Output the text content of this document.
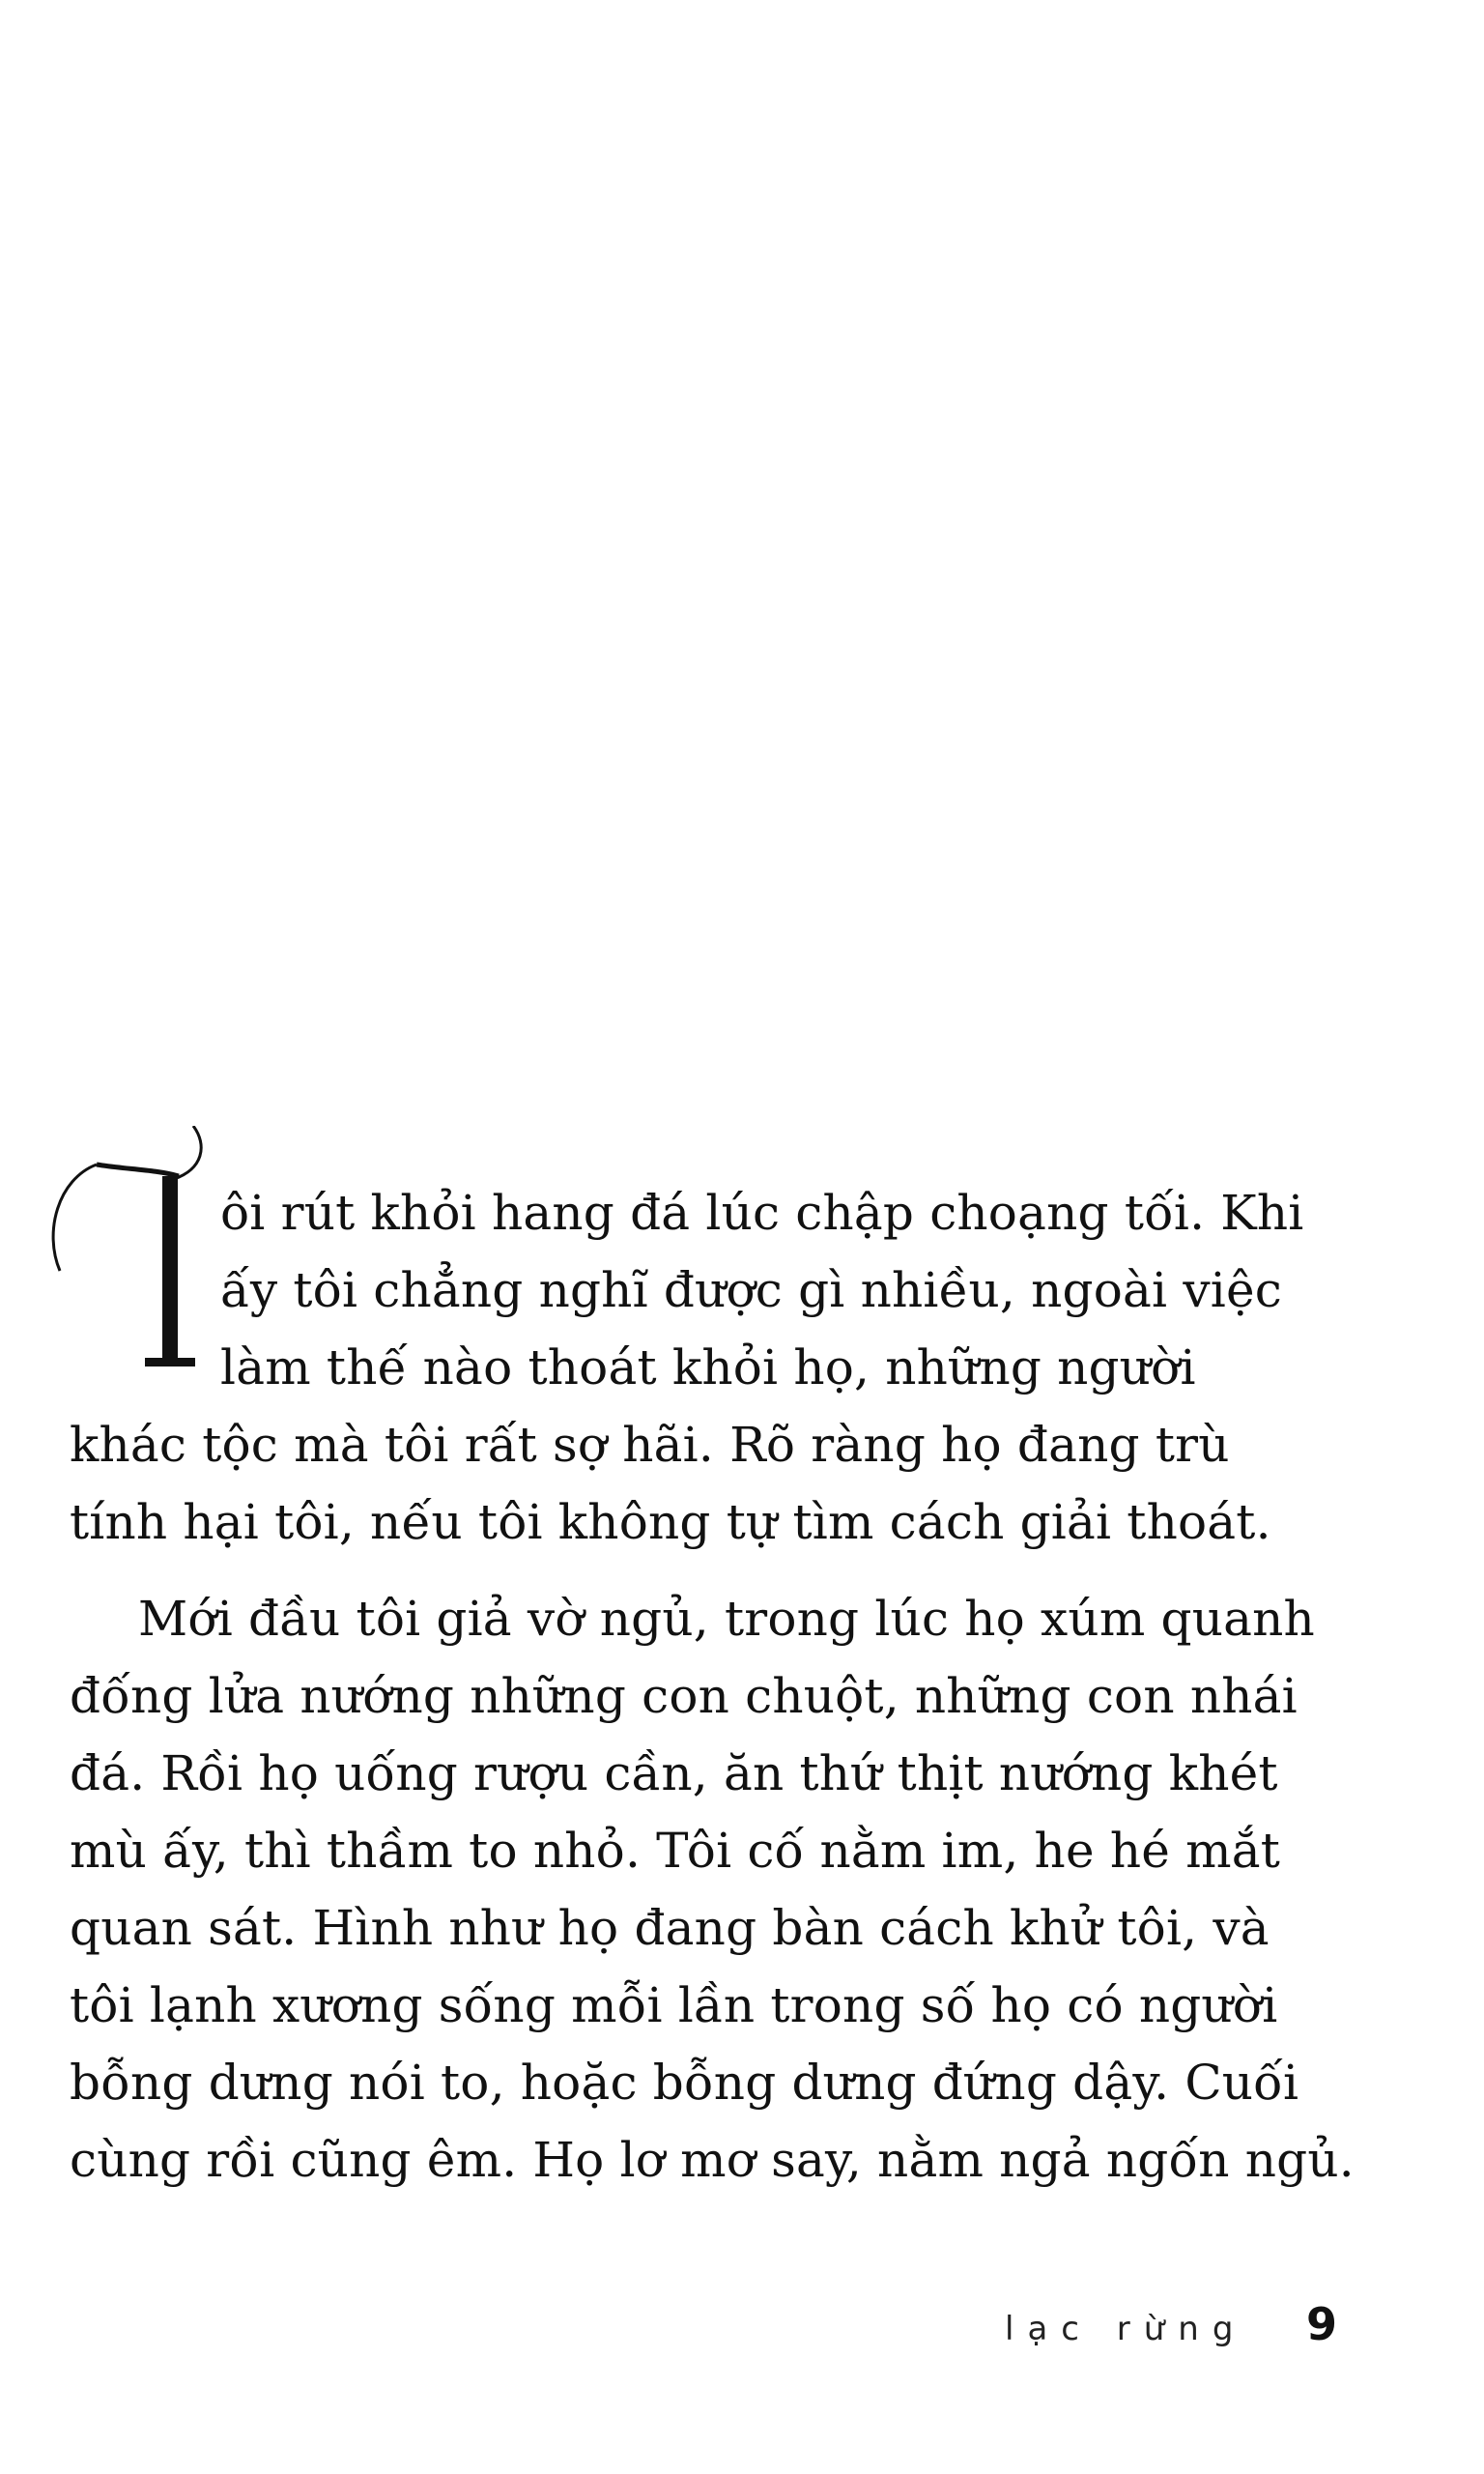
ôi rút khỏi hang đá lúc chập choạng tối. Khi
ấy tôi chẳng nghĩ được gì nhiều, ngoài việc
làm thế nào thoát khỏi họ, những người
khác tộc mà tôi rất sợ hãi. Rõ ràng họ đang trù
tính hại tôi, nếu tôi không tự tìm cách giải thoát.
Mới đầu tôi giả vờ ngủ, trong lúc họ xúm quanh
đống lửa nướng những con chuột, những con nhái
đá. Rồi họ uống rượu cần, ăn thứ thịt nướng khét
mù ấy, thì thầm to nhỏ. Tôi cố nằm im, he hé mắt
quan sát. Hình như họ đang bàn cách khử tôi, và
tôi lạnh xương sống mỗi lần trong số họ có người
bỗng dưng nói to, hoặc bỗng dưng đứng dậy. Cuối
cùng rồi cũng êm. Họ lơ mơ say, nằm ngả ngốn ngủ.
lạc rừng 9
